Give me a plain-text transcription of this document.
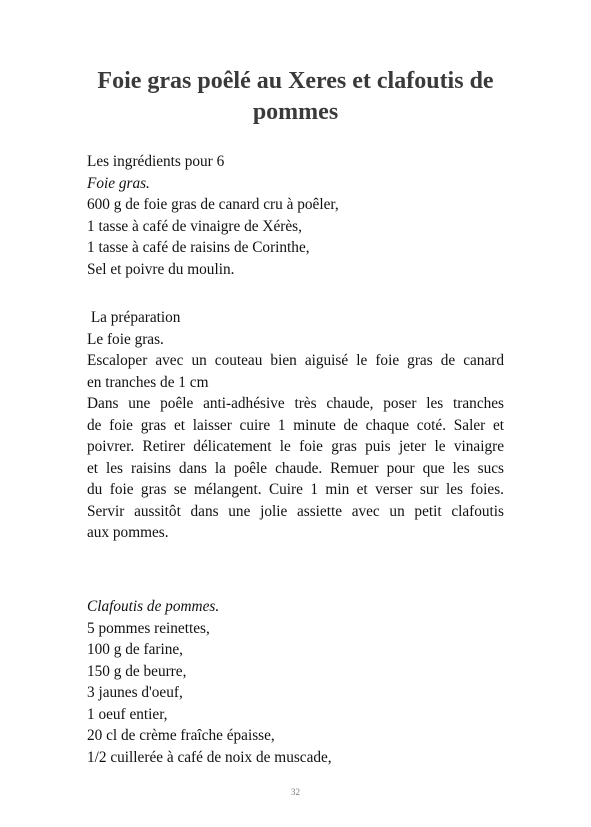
Foie gras poêlé au Xeres et clafoutis de pommes
Les ingrédients pour 6
Foie gras.
600 g de foie gras de canard cru à poêler,
1 tasse à café de vinaigre de Xérès,
1 tasse à café de raisins de Corinthe,
Sel et poivre du moulin.
La préparation
Le foie gras.
Escaloper avec un couteau bien aiguisé le foie gras de canard
en tranches de 1 cm
Dans une poêle anti-adhésive très chaude, poser les tranches
de foie gras et laisser cuire 1 minute de chaque coté. Saler et
poivrer. Retirer délicatement le foie gras puis jeter le vinaigre
et les raisins dans la poêle chaude. Remuer pour que les sucs
du foie gras se mélangent. Cuire 1 min et verser sur les foies.
Servir aussitôt dans une jolie assiette avec un petit clafoutis
aux pommes.
Clafoutis de pommes.
5 pommes reinettes,
100 g de farine,
150 g de beurre,
3 jaunes d'oeuf,
1 oeuf entier,
20 cl de crème fraîche épaisse,
1/2 cuillerée à café de noix de muscade,
32
